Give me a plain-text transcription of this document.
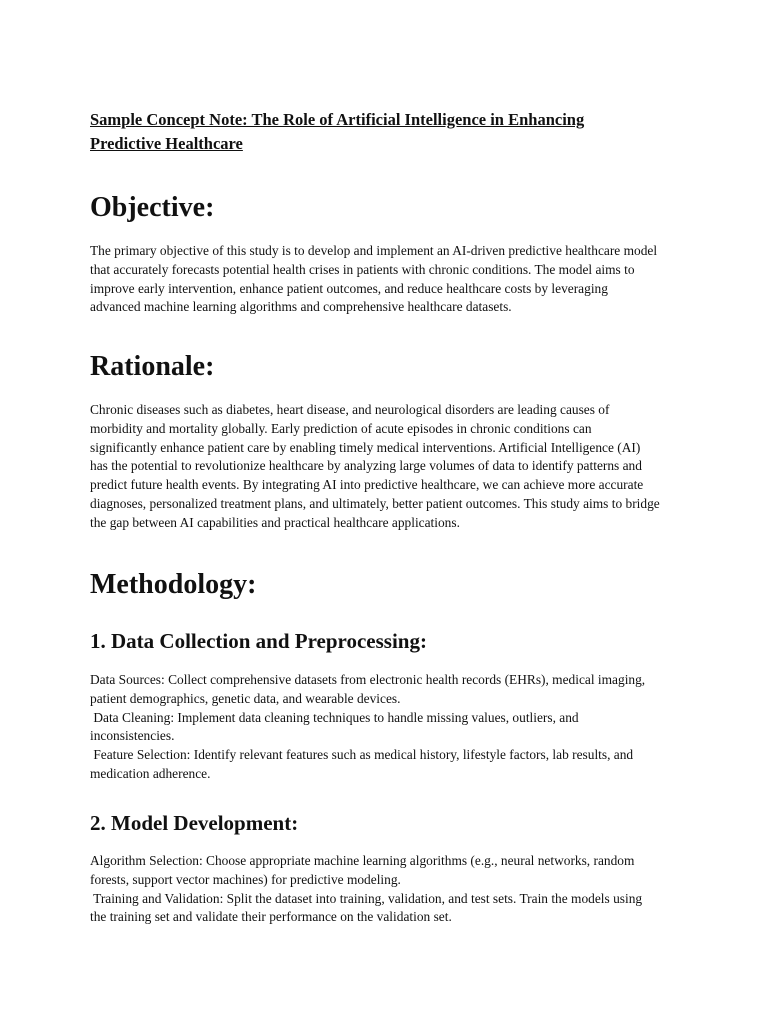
Sample Concept Note: The Role of Artificial Intelligence in Enhancing
Predictive Healthcare
Objective:

The primary objective of this study is to develop and implement an AI-driven predictive healthcare model
that accurately forecasts potential health crises in patients with chronic conditions. The model aims to
improve early intervention, enhance patient outcomes, and reduce healthcare costs by leveraging
advanced machine learning algorithms and comprehensive healthcare datasets.

Rationale:

Chronic diseases such as diabetes, heart disease, and neurological disorders are leading causes of
morbidity and mortality globally. Early prediction of acute episodes in chronic conditions can
significantly enhance patient care by enabling timely medical interventions. Artificial Intelligence (AI)
has the potential to revolutionize healthcare by analyzing large volumes of data to identify patterns and
predict future health events. By integrating AI into predictive healthcare, we can achieve more accurate
diagnoses, personalized treatment plans, and ultimately, better patient outcomes. This study aims to bridge
the gap between AI capabilities and practical healthcare applications.

Methodology:
1. Data Collection and Preprocessing:

Data Sources: Collect comprehensive datasets from electronic health records (EHRs), medical imaging,
patient demographics, genetic data, and wearable devices.
Data Cleaning: Implement data cleaning techniques to handle missing values, outliers, and
inconsistencies.
Feature Selection: Identify relevant features such as medical history, lifestyle factors, lab results, and
medication adherence.

2. Model Development:

Algorithm Selection: Choose appropriate machine learning algorithms (e.g., neural networks, random
forests, support vector machines) for predictive modeling.
Training and Validation: Split the dataset into training, validation, and test sets. Train the models using
the training set and validate their performance on the validation set.
